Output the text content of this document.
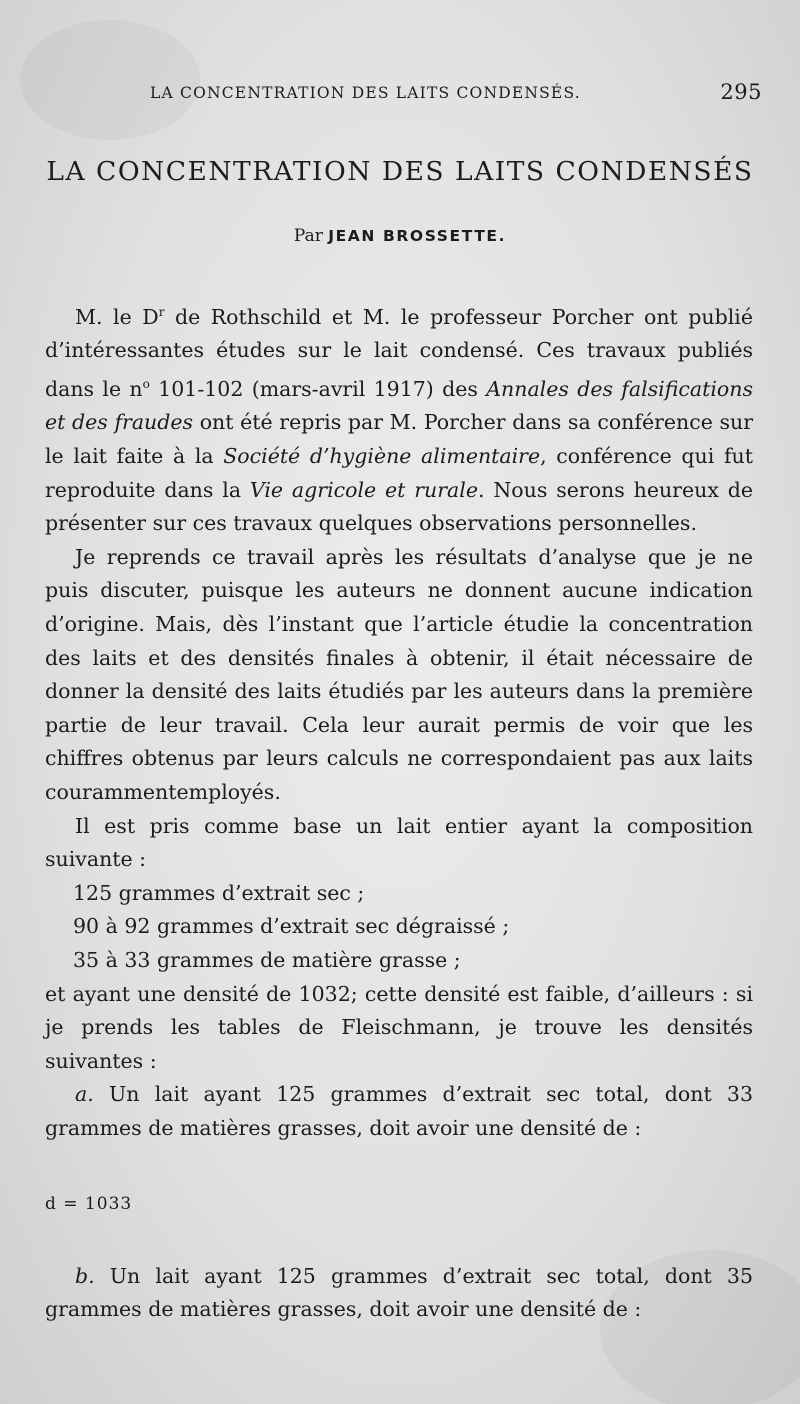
LA CONCENTRATION DES LAITS CONDENSÉS.	295
LA CONCENTRATION DES LAITS CONDENSÉS
Par JEAN BROSSETTE.

M. le $D^r$ de Rothschild et M. le professeur Porcher ont publié d’intéressantes études sur le lait condensé. Ces travaux publiés dans le $n^o$ 101-102 (mars-avril 1917) des Annales des falsifications et des fraudes ont été repris par M. Porcher dans sa conférence sur le lait faite à la Société d’hygiène alimentaire, conférence qui fut reproduite dans la Vie agricole et rurale. Nous serons heureux de présenter sur ces travaux quelques observations personnelles.

Je reprends ce travail après les résultats d’analyse que je ne puis discuter, puisque les auteurs ne donnent aucune indication d’origine. Mais, dès l’instant que l’article étudie la concentration des laits et des densités finales à obtenir, il était nécessaire de donner la densité des laits étudiés par les auteurs dans la première partie de leur travail. Cela leur aurait permis de voir que les chiffres obtenus par leurs calculs ne correspondaient pas aux laits courammentemployés.

Il est pris comme base un lait entier ayant la composition suivante :

125 grammes d’extrait sec ;

90 à 92 grammes d’extrait sec dégraissé ;

35 à 33 grammes de matière grasse ;

et ayant une densité de 1032; cette densité est faible, d’ailleurs : si je prends les tables de Fleischmann, je trouve les densités suivantes :

a. Un lait ayant 125 grammes d’extrait sec total, dont 33 grammes de matières grasses, doit avoir une densité de :

d = 1033

b. Un lait ayant 125 grammes d’extrait sec total, dont 35 grammes de matières grasses, doit avoir une densité de :
